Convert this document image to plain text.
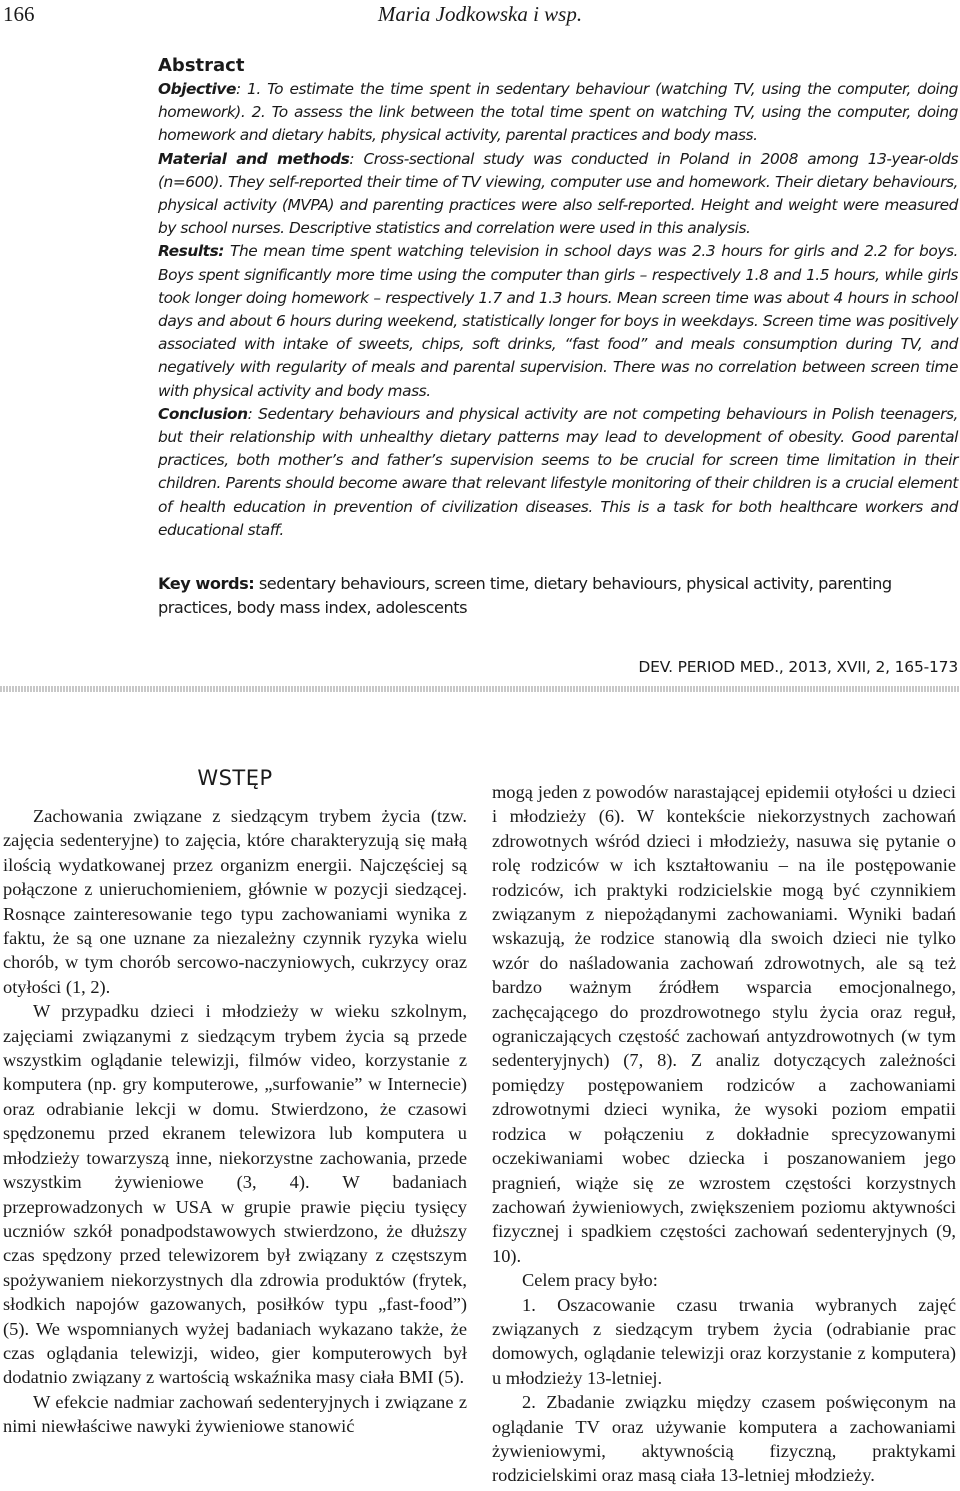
166	Maria Jodkowska i wsp.
Abstract

Objective: 1. To estimate the time spent in sedentary behaviour (watching TV, using the computer, doing homework). 2. To assess the link between the total time spent on watching TV, using the computer, doing homework and dietary habits, physical activity, parental practices and body mass.

Material and methods: Cross-sectional study was conducted in Poland in 2008 among 13-year-olds (n=600). They self-reported their time of TV viewing, computer use and homework. Their dietary behaviours, physical activity (MVPA) and parenting practices were also self-reported. Height and weight were measured by school nurses. Descriptive statistics and correlation were used in this analysis.

Results: The mean time spent watching television in school days was 2.3 hours for girls and 2.2 for boys. Boys spent significantly more time using the computer than girls – respectively 1.8 and 1.5 hours, while girls took longer doing homework – respectively 1.7 and 1.3 hours. Mean screen time was about 4 hours in school days and about 6 hours during weekend, statistically longer for boys in weekdays. Screen time was positively associated with intake of sweets, chips, soft drinks, “fast food” and meals consumption during TV, and negatively with regularity of meals and parental supervision. There was no correlation between screen time with physical activity and body mass.

Conclusion: Sedentary behaviours and physical activity are not competing behaviours in Polish teenagers, but their relationship with unhealthy dietary patterns may lead to development of obesity. Good parental practices, both mother’s and father’s supervision seems to be crucial for screen time limitation in their children. Parents should become aware that relevant lifestyle monitoring of their children is a crucial element of health education in prevention of civilization diseases. This is a task for both healthcare workers and educational staff.

Key words: sedentary behaviours, screen time, dietary behaviours, physical activity, parenting practices, body mass index, adolescents

DEV. PERIOD MED., 2013, XVII, 2, 165-173
WSTĘP

Zachowania związane z siedzącym trybem życia (tzw. zajęcia sedenteryjne) to zajęcia, które charakteryzują się małą ilością wydatkowanej przez organizm energii. Najczęściej są połączone z unieruchomieniem, głównie w pozycji siedzącej. Rosnące zainteresowanie tego typu zachowaniami wynika z faktu, że są one uznane za niezależny czynnik ryzyka wielu chorób, w tym chorób sercowo-naczyniowych, cukrzycy oraz otyłości (1, 2).

W przypadku dzieci i młodzieży w wieku szkolnym, zajęciami związanymi z siedzącym trybem życia są przede wszystkim oglądanie telewizji, filmów video, korzystanie z komputera (np. gry komputerowe, „surfowanie” w Internecie) oraz odrabianie lekcji w domu. Stwierdzono, że czasowi spędzonemu przed ekranem telewizora lub komputera u młodzieży towarzyszą inne, niekorzystne zachowania, przede wszystkim żywieniowe (3, 4). W badaniach przeprowadzonych w USA w grupie prawie pięciu tysięcy uczniów szkół ponadpodstawowych stwierdzono, że dłuższy czas spędzony przed telewizorem był związany z częstszym spożywaniem niekorzystnych dla zdrowia produktów (frytek, słodkich napojów gazowanych, posiłków typu „fast-food”) (5). We wspomnianych wyżej badaniach wykazano także, że czas oglądania telewizji, wideo, gier komputerowych był dodatnio związany z wartością wskaźnika masy ciała BMI (5).

W efekcie nadmiar zachowań sedenteryjnych i związane z nimi niewłaściwe nawyki żywieniowe stanowić

mogą jeden z powodów narastającej epidemii otyłości u dzieci i młodzieży (6). W kontekście niekorzystnych zachowań zdrowotnych wśród dzieci i młodzieży, nasuwa się pytanie o rolę rodziców w ich kształtowaniu – na ile postępowanie rodziców, ich praktyki rodzicielskie mogą być czynnikiem związanym z niepożądanymi zachowaniami. Wyniki badań wskazują, że rodzice stanowią dla swoich dzieci nie tylko wzór do naśladowania zachowań zdrowotnych, ale są też bardzo ważnym źródłem wsparcia emocjonalnego, zachęcającego do prozdrowotnego stylu życia oraz reguł, ograniczających częstość zachowań antyzdrowotnych (w tym sedenteryjnych) (7, 8). Z analiz dotyczących zależności pomiędzy postępowaniem rodziców a zachowaniami zdrowotnymi dzieci wynika, że wysoki poziom empatii rodzica w połączeniu z dokładnie sprecyzowanymi oczekiwaniami wobec dziecka i poszanowaniem jego pragnień, wiąże się ze wzrostem częstości korzystnych zachowań żywieniowych, zwiększeniem poziomu aktywności fizycznej i spadkiem częstości zachowań sedenteryjnych (9, 10).

Celem pracy było:

1. Oszacowanie czasu trwania wybranych zajęć związanych z siedzącym trybem życia (odrabianie prac domowych, oglądanie telewizji oraz korzystanie z komputera) u młodzieży 13-letniej.

2. Zbadanie związku między czasem poświęconym na oglądanie TV oraz używanie komputera a zachowaniami żywieniowymi, aktywnością fizyczną, praktykami rodzicielskimi oraz masą ciała 13-letniej młodzieży.
